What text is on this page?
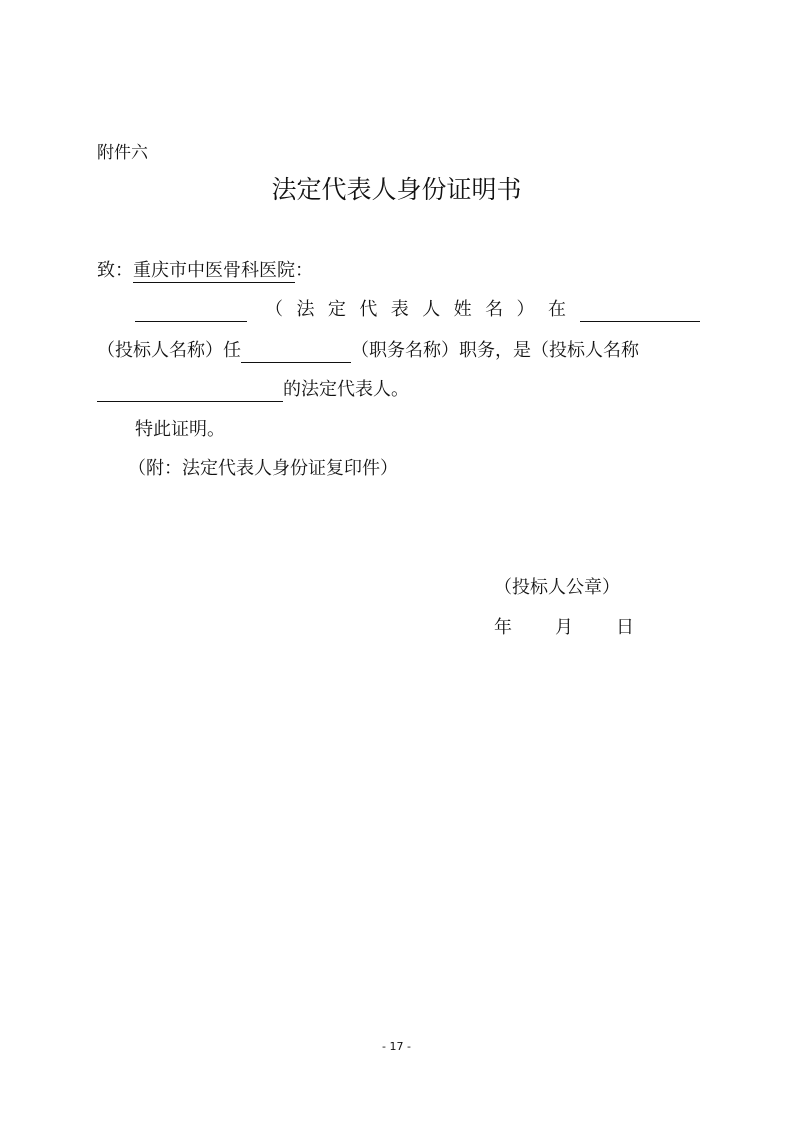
附件六
法定代表人身份证明书
致：重庆市中医骨科医院：
（ 法 定 代 表 人 姓 名 ） 在
（投标人名称）任	（职务名称）职务，是（投标人名称
的法定代表人。
特此证明。
（附：法定代表人身份证复印件）
（投标人公章）
年 月 日
- 17 -
